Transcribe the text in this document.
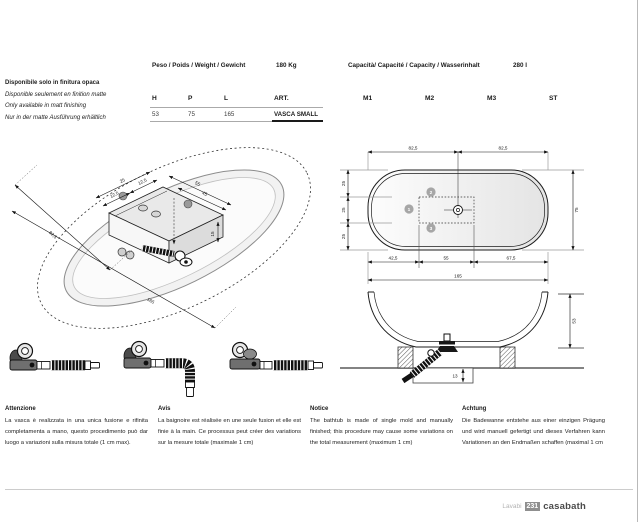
Disponibile solo in finitura opaca
Disponible seulement en finition matte
Only available in matt finishing
Nur in der matte Ausführung erhältlich
Peso / Poids / Weight / Gewicht	180 Kg
H	P	L	ART.
53	75	165	VASCA SMALL
Capacità/ Capacité / Capacity / Wasserinhalt	280 l
M1	M2	M3	ST
25
12,5
12,5	55
45
15
82,5
165
82,5	82,5
25
25
25
75
42,5	55	67,5
165
1
2
3
13
53
Attenzione

La vasca è realizzata in una unica fusione e rifinita completamenta a mano, questo procedimento può dar luogo a variazioni sulla misura totale (1 cm max).

Avis

La baignoire est réalisée en une seule fusion et elle est finie à la main. Ce processus peut créer des variations sur la mesure totale (maximale 1 cm)

Notice

The bathtub is made of single mold and manually finished; this procedure may cause some variations on the total measurement (maximum 1 cm)

Achtung

Die Badewanne entstehe aus einer einzigen Prägung und wird manuell gefertigt und dieses Verfahren kann Variationen an den Endmaßen schaffen (maximal 1 cm

Lavabi 231 casabath
